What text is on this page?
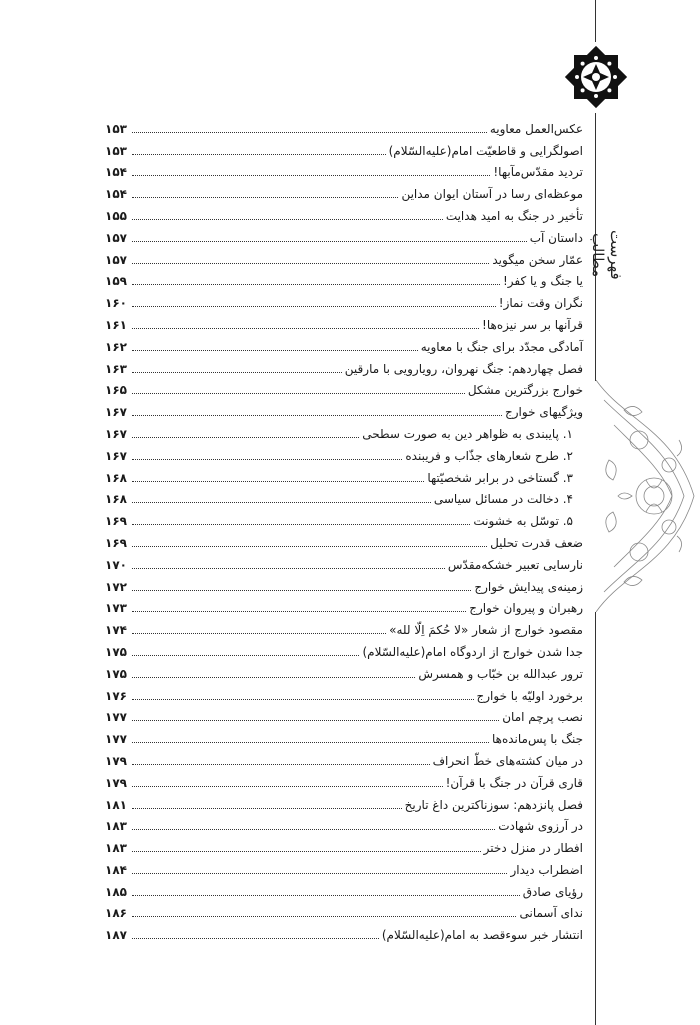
فهرست مطالب
عکس‌العمل معاویه
۱۵۳
اصولگرایی و قاطعیّت امام(علیه‌السّلام)
۱۵۳
تردید مقدّس‌مآبها!
۱۵۴
موعظه‌ای رسا در آستان ایوان مداین
۱۵۴
تأخیر در جنگ به امید هدایت
۱۵۵
داستان آب
۱۵۷
عمّار سخن میگوید
۱۵۷
یا جنگ و یا کفر!
۱۵۹
نگران وقت نماز!
۱۶۰
قرآنها بر سر نیزه‌ها!
۱۶۱
آمادگی مجدّد برای جنگ با معاویه
۱۶۲
فصل چهاردهم: جنگ نهروان، رویارویی با مارقین
۱۶۳
خوارج بزرگترین مشکل
۱۶۵
ویژگیهای خوارج
۱۶۷
۱. پایبندی به ظواهر دین به صورت سطحی
۱۶۷
۲. طرح شعارهای جذّاب و فریبنده
۱۶۷
۳. گستاخی در برابر شخصیّتها
۱۶۸
۴. دخالت در مسائل سیاسی
۱۶۸
۵. توسّل به خشونت
۱۶۹
ضعف قدرت تحلیل
۱۶۹
نارسایی تعبیر خشکه‌مقدّس
۱۷۰
زمینه‌ی پیدایش خوارج
۱۷۲
رهبران و پیروان خوارج
۱۷۳
مقصود خوارج از شعار «لا حُکمَ اِلّا لله»
۱۷۴
جدا شدن خوارج از اردوگاه امام(علیه‌السّلام)
۱۷۵
ترور عبدالله بن خبّاب و همسرش
۱۷۵
برخورد اولیّه با خوارج
۱۷۶
نصب پرچم امان
۱۷۷
جنگ با پس‌مانده‌ها
۱۷۷
در میان کشته‌های خطّ انحراف
۱۷۹
قاری قرآن در جنگ با قرآن!
۱۷۹
فصل پانزدهم: سوزناکترین داغ تاریخ
۱۸۱
در آرزوی شهادت
۱۸۳
افطار در منزل دختر
۱۸۳
اضطراب دیدار
۱۸۴
رؤیای صادق
۱۸۵
ندای آسمانی
۱۸۶
انتشار خبر سوءقصد به امام(علیه‌السّلام)
۱۸۷
